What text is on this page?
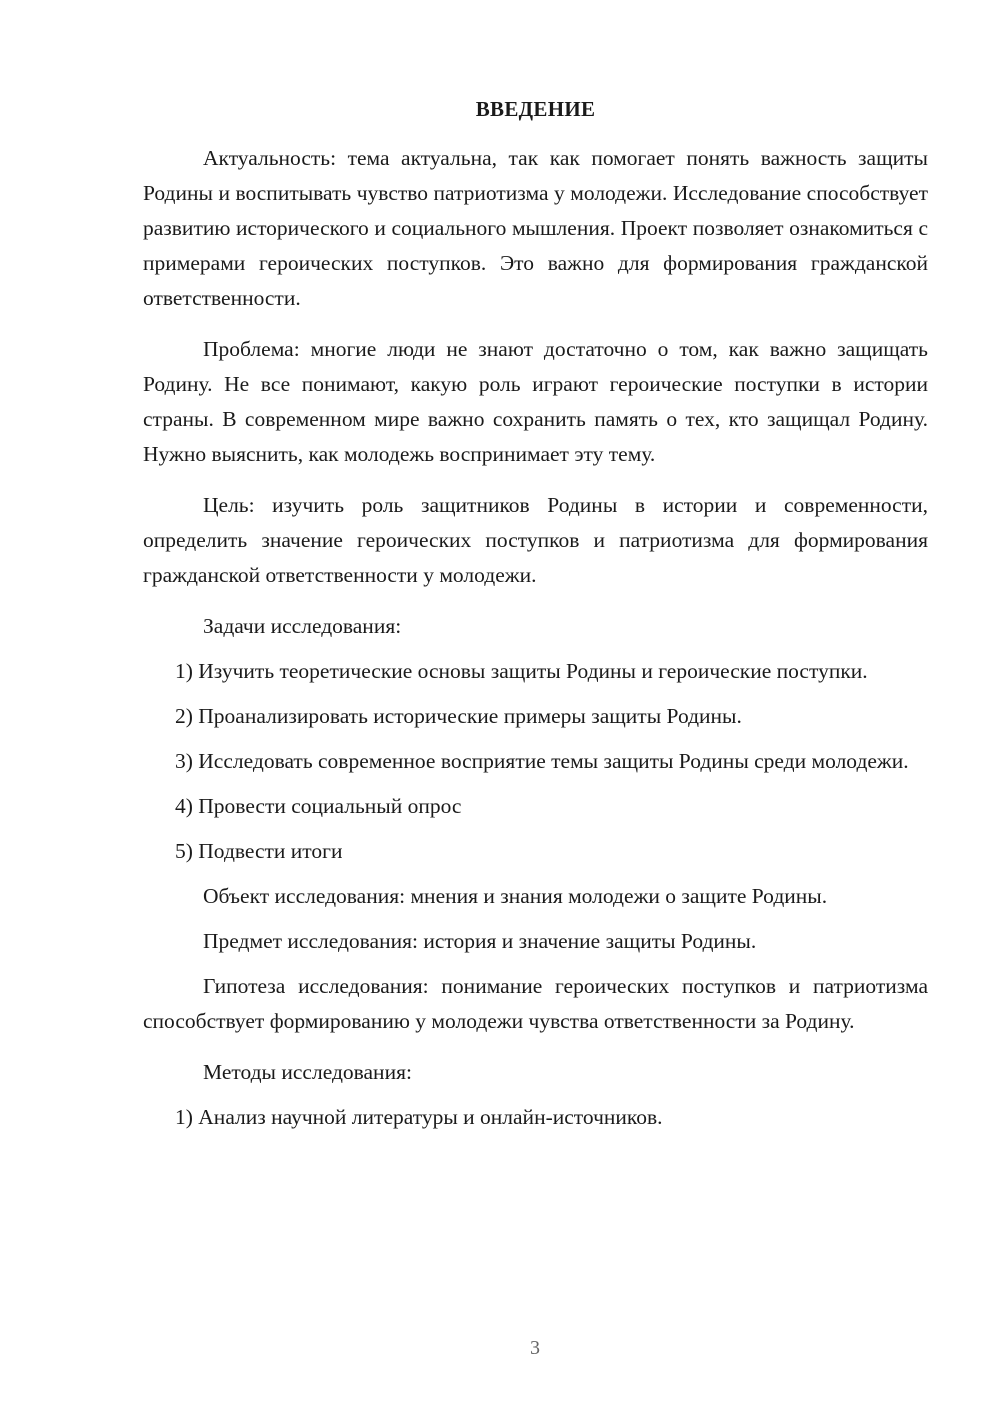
ВВЕДЕНИЕ

Актуальность: тема актуальна, так как помогает понять важность защиты Родины и воспитывать чувство патриотизма у молодежи. Исследование способствует развитию исторического и социального мышления. Проект позволяет ознакомиться с примерами героических поступков. Это важно для формирования гражданской ответственности.

Проблема: многие люди не знают достаточно о том, как важно защищать Родину. Не все понимают, какую роль играют героические поступки в истории страны. В современном мире важно сохранить память о тех, кто защищал Родину. Нужно выяснить, как молодежь воспринимает эту тему.

Цель: изучить роль защитников Родины в истории и современности, определить значение героических поступков и патриотизма для формирования гражданской ответственности у молодежи.

Задачи исследования:

1) Изучить теоретические основы защиты Родины и героические поступки.

2) Проанализировать исторические примеры защиты Родины.

3) Исследовать современное восприятие темы защиты Родины среди молодежи.

4) Провести социальный опрос

5) Подвести итоги

Объект исследования: мнения и знания молодежи о защите Родины.

Предмет исследования: история и значение защиты Родины.

Гипотеза исследования: понимание героических поступков и патриотизма способствует формированию у молодежи чувства ответственности за Родину.

Методы исследования:

1) Анализ научной литературы и онлайн-источников.

3
